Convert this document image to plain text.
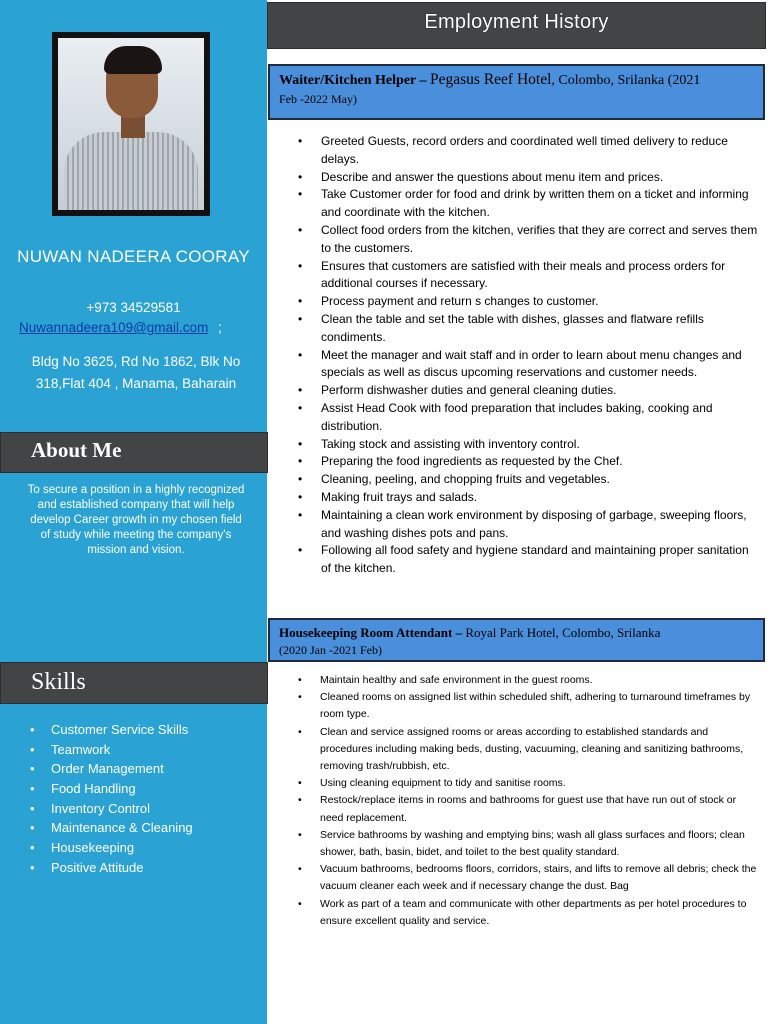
NUWAN NADEERA COORAY
+973 34529581
Nuwannadeera109@gmail.com ;
Bldg No 3625, Rd No 1862, Blk No 318,Flat 404 , Manama, Baharain
About Me
To secure a position in a highly recognized and established company that will help develop Career growth in my chosen field of study while meeting the company's mission and vision.
Skills
• Customer Service Skills
• Teamwork
• Order Management
• Food Handling
• Inventory Control
• Maintenance & Cleaning
• Housekeeping
• Positive Attitude
Employment History
Waiter/Kitchen Helper – Pegasus Reef Hotel, Colombo, Srilanka (2021
Feb -2022 May)
• Greeted Guests, record orders and coordinated well timed delivery to reduce delays.
• Describe and answer the questions about menu item and prices.
• Take Customer order for food and drink by written them on a ticket and informing and coordinate with the kitchen.
• Collect food orders from the kitchen, verifies that they are correct and serves them to the customers.
• Ensures that customers are satisfied with their meals and process orders for additional courses if necessary.
• Process payment and return s changes to customer.
• Clean the table and set the table with dishes, glasses and flatware refills condiments.
• Meet the manager and wait staff and in order to learn about menu changes and specials as well as discus upcoming reservations and customer needs.
• Perform dishwasher duties and general cleaning duties.
• Assist Head Cook with food preparation that includes baking, cooking and distribution.
• Taking stock and assisting with inventory control.
• Preparing the food ingredients as requested by the Chef.
• Cleaning, peeling, and chopping fruits and vegetables.
• Making fruit trays and salads.
• Maintaining a clean work environment by disposing of garbage, sweeping floors, and washing dishes pots and pans.
• Following all food safety and hygiene standard and maintaining proper sanitation of the kitchen.
Housekeeping Room Attendant – Royal Park Hotel, Colombo, Srilanka
(2020 Jan -2021 Feb)
• Maintain healthy and safe environment in the guest rooms.
• Cleaned rooms on assigned list within scheduled shift, adhering to turnaround timeframes by room type.
• Clean and service assigned rooms or areas according to established standards and procedures including making beds, dusting, vacuuming, cleaning and sanitizing bathrooms, removing trash/rubbish, etc.
• Using cleaning equipment to tidy and sanitise rooms.
• Restock/replace items in rooms and bathrooms for guest use that have run out of stock or need replacement.
• Service bathrooms by washing and emptying bins; wash all glass surfaces and floors; clean shower, bath, basin, bidet, and toilet to the best quality standard.
• Vacuum bathrooms, bedrooms floors, corridors, stairs, and lifts to remove all debris; check the vacuum cleaner each week and if necessary change the dust. Bag
• Work as part of a team and communicate with other departments as per hotel procedures to ensure excellent quality and service.
